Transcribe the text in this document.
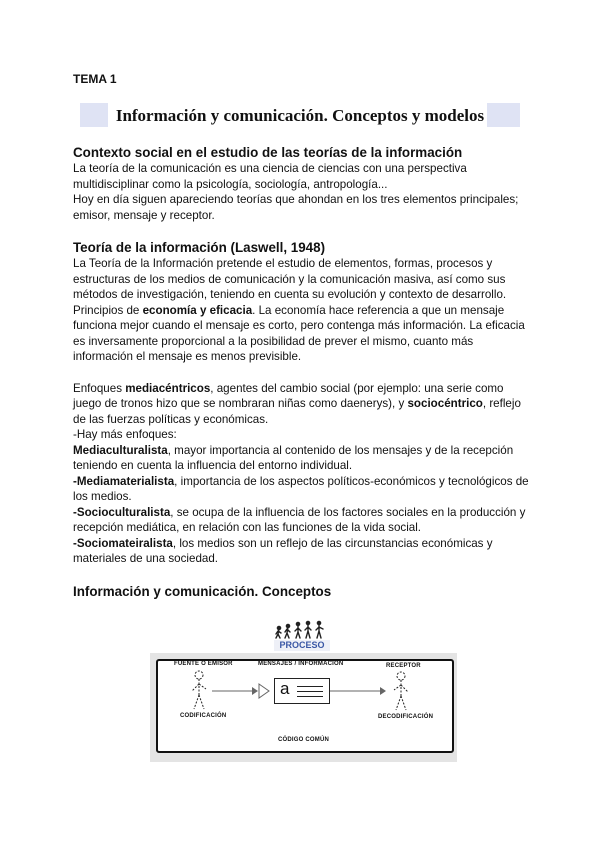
TEMA 1
Información y comunicación. Conceptos y modelos
Contexto social en el estudio de las teorías de la información

La teoría de la comunicación es una ciencia de ciencias con una perspectiva multidisciplinar como la psicología, sociología, antropología...

Hoy en día siguen apareciendo teorías que ahondan en los tres elementos principales; emisor, mensaje y receptor.

Teoría de la información (Laswell, 1948)

La Teoría de la Información pretende el estudio de elementos, formas, procesos y estructuras de los medios de comunicación y la comunicación masiva, así como sus métodos de investigación, teniendo en cuenta su evolución y contexto de desarrollo.

Principios de economía y eficacia. La economía hace referencia a que un mensaje funciona mejor cuando el mensaje es corto, pero contenga más información. La eficacia es inversamente proporcional a la posibilidad de prever el mismo, cuanto más información el mensaje es menos previsible.

Enfoques mediacéntricos, agentes del cambio social (por ejemplo: una serie como juego de tronos hizo que se nombraran niñas como daenerys), y sociocéntrico, reflejo de las fuerzas políticas y económicas.

-Hay más enfoques:

Mediaculturalista, mayor importancia al contenido de los mensajes y de la recepción teniendo en cuenta la influencia del entorno individual.

-Mediamaterialista, importancia de los aspectos políticos-económicos y tecnológicos de los medios.

-Socioculturalista, se ocupa de la influencia de los factores sociales en la producción y recepción mediática, en relación con las funciones de la vida social.

-Sociomateiralista, los medios son un reflejo de las circunstancias económicas y materiales de una sociedad.

Información y comunicación. Conceptos
PROCESO
FUENTE O EMISOR	MENSAJES / INFORMACIÓN	RECEPTOR
a
CODIFICACIÓN	DECODIFICACIÓN
CÓDIGO COMÚN
